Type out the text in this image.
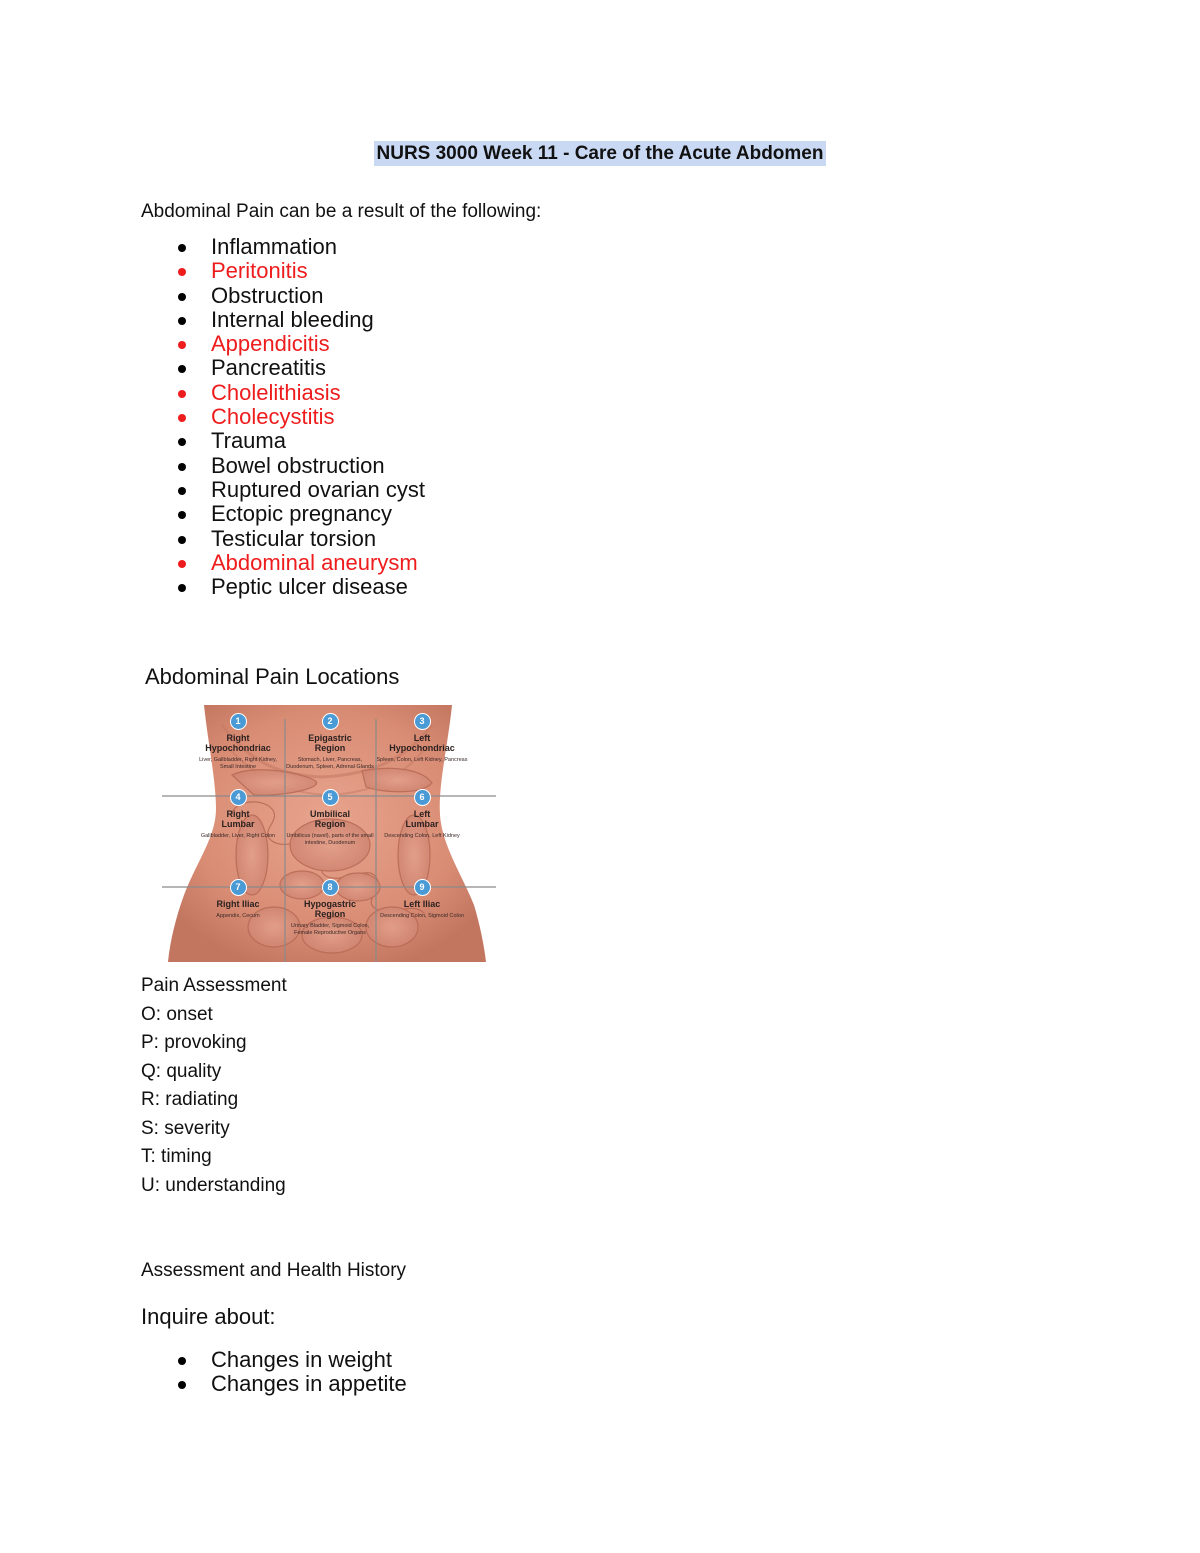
NURS 3000 Week 11 - Care of the Acute Abdomen
Abdominal Pain can be a result of the following:
Inflammation
Peritonitis
Obstruction
Internal bleeding
Appendicitis
Pancreatitis
Cholelithiasis
Cholecystitis
Trauma
Bowel obstruction
Ruptured ovarian cyst
Ectopic pregnancy
Testicular torsion
Abdominal aneurysm
Peptic ulcer disease
Abdominal Pain Locations
1
Right
Hypochondriac
Liver, Gallbladder, Right Kidney, Small Intestine
2
Epigastric
Region
Stomach, Liver, Pancreas, Duodenum, Spleen, Adrenal Glands
3
Left
Hypochondriac
Spleen, Colon, Left Kidney, Pancreas
4
Right
Lumbar
Gallbladder, Liver, Right Colon
5
Umbilical
Region
Umbilicus (navel), parts of the small intestine, Duodenum
6
Left
Lumbar
Descending Colon, Left Kidney
7
Right Iliac
Appendix, Cecum
8
Hypogastric
Region
Urinary Bladder, Sigmoid Colon, Female Reproductive Organs
9
Left Iliac
Descending Colon, Sigmoid Colon
Pain Assessment
O: onset
P: provoking
Q: quality
R: radiating
S: severity
T: timing
U: understanding
Assessment and Health History
Inquire about:
Changes in weight
Changes in appetite
